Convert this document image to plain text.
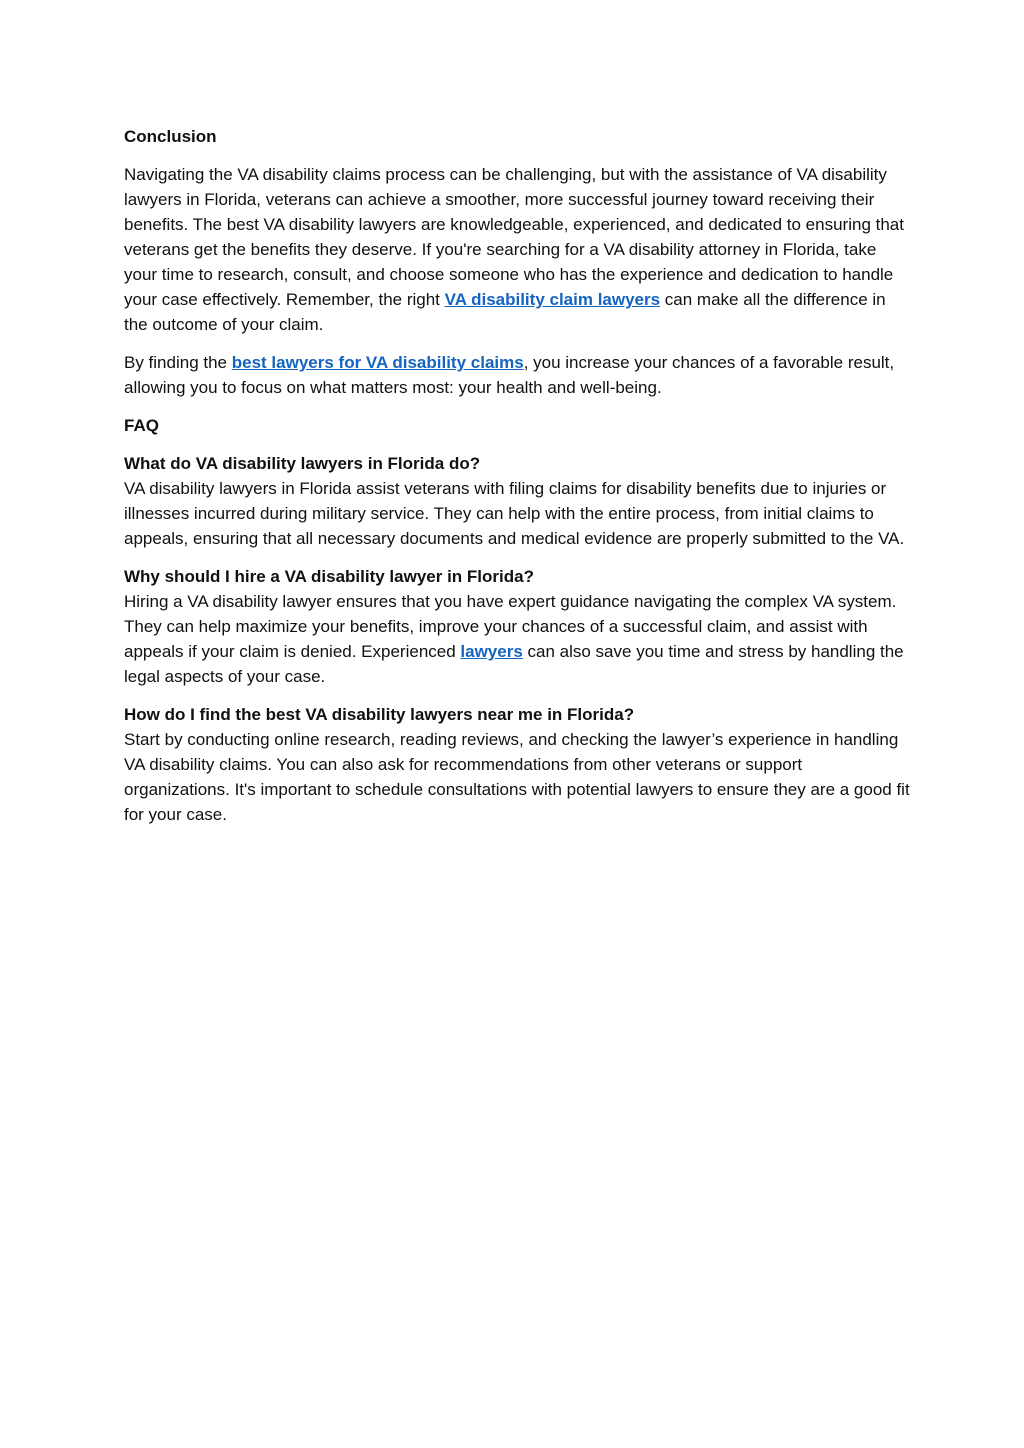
Conclusion

Navigating the VA disability claims process can be challenging, but with the assistance of VA disability lawyers in Florida, veterans can achieve a smoother, more successful journey toward receiving their benefits. The best VA disability lawyers are knowledgeable, experienced, and dedicated to ensuring that veterans get the benefits they deserve. If you're searching for a VA disability attorney in Florida, take your time to research, consult, and choose someone who has the experience and dedication to handle your case effectively. Remember, the right VA disability claim lawyers can make all the difference in the outcome of your claim.

By finding the best lawyers for VA disability claims, you increase your chances of a favorable result, allowing you to focus on what matters most: your health and well-being.

FAQ
What do VA disability lawyers in Florida do?
VA disability lawyers in Florida assist veterans with filing claims for disability benefits due to injuries or illnesses incurred during military service. They can help with the entire process, from initial claims to appeals, ensuring that all necessary documents and medical evidence are properly submitted to the VA.
Why should I hire a VA disability lawyer in Florida?
Hiring a VA disability lawyer ensures that you have expert guidance navigating the complex VA system. They can help maximize your benefits, improve your chances of a successful claim, and assist with appeals if your claim is denied. Experienced lawyers can also save you time and stress by handling the legal aspects of your case.
How do I find the best VA disability lawyers near me in Florida?
Start by conducting online research, reading reviews, and checking the lawyer’s experience in handling VA disability claims. You can also ask for recommendations from other veterans or support organizations. It's important to schedule consultations with potential lawyers to ensure they are a good fit for your case.
